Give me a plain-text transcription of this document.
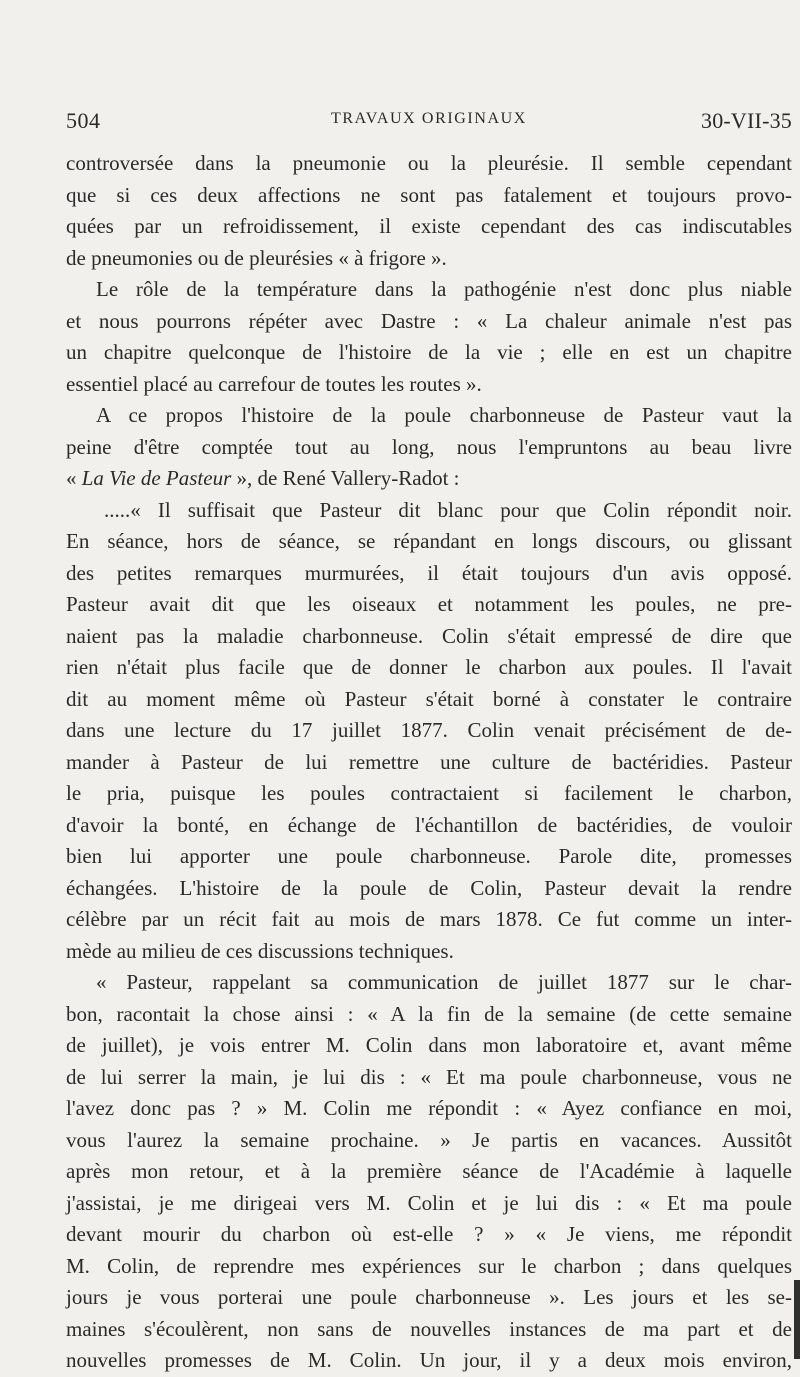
504	TRAVAUX ORIGINAUX	30-VII-35
controversée dans la pneumonie ou la pleurésie. Il semble cependant
que si ces deux affections ne sont pas fatalement et toujours provo-
quées par un refroidissement, il existe cependant des cas indiscutables
de pneumonies ou de pleurésies « à frigore ».
Le rôle de la température dans la pathogénie n'est donc plus niable
et nous pourrons répéter avec Dastre : « La chaleur animale n'est pas
un chapitre quelconque de l'histoire de la vie ; elle en est un chapitre
essentiel placé au carrefour de toutes les routes ».
A ce propos l'histoire de la poule charbonneuse de Pasteur vaut la
peine d'être comptée tout au long, nous l'empruntons au beau livre
« La Vie de Pasteur », de René Vallery-Radot :
.....« Il suffisait que Pasteur dit blanc pour que Colin répondit noir.
En séance, hors de séance, se répandant en longs discours, ou glissant
des petites remarques murmurées, il était toujours d'un avis opposé.
Pasteur avait dit que les oiseaux et notamment les poules, ne pre-
naient pas la maladie charbonneuse. Colin s'était empressé de dire que
rien n'était plus facile que de donner le charbon aux poules. Il l'avait
dit au moment même où Pasteur s'était borné à constater le contraire
dans une lecture du 17 juillet 1877. Colin venait précisément de de-
mander à Pasteur de lui remettre une culture de bactéridies. Pasteur
le pria, puisque les poules contractaient si facilement le charbon,
d'avoir la bonté, en échange de l'échantillon de bactéridies, de vouloir
bien lui apporter une poule charbonneuse. Parole dite, promesses
échangées. L'histoire de la poule de Colin, Pasteur devait la rendre
célèbre par un récit fait au mois de mars 1878. Ce fut comme un inter-
mède au milieu de ces discussions techniques.
« Pasteur, rappelant sa communication de juillet 1877 sur le char-
bon, racontait la chose ainsi : « A la fin de la semaine (de cette semaine
de juillet), je vois entrer M. Colin dans mon laboratoire et, avant même
de lui serrer la main, je lui dis : « Et ma poule charbonneuse, vous ne
l'avez donc pas ? » M. Colin me répondit : « Ayez confiance en moi,
vous l'aurez la semaine prochaine. » Je partis en vacances. Aussitôt
après mon retour, et à la première séance de l'Académie à laquelle
j'assistai, je me dirigeai vers M. Colin et je lui dis : « Et ma poule
devant mourir du charbon où est-elle ? » « Je viens, me répondit
M. Colin, de reprendre mes expériences sur le charbon ; dans quelques
jours je vous porterai une poule charbonneuse ». Les jours et les se-
maines s'écoulèrent, non sans de nouvelles instances de ma part et de
nouvelles promesses de M. Colin. Un jour, il y a deux mois environ,
